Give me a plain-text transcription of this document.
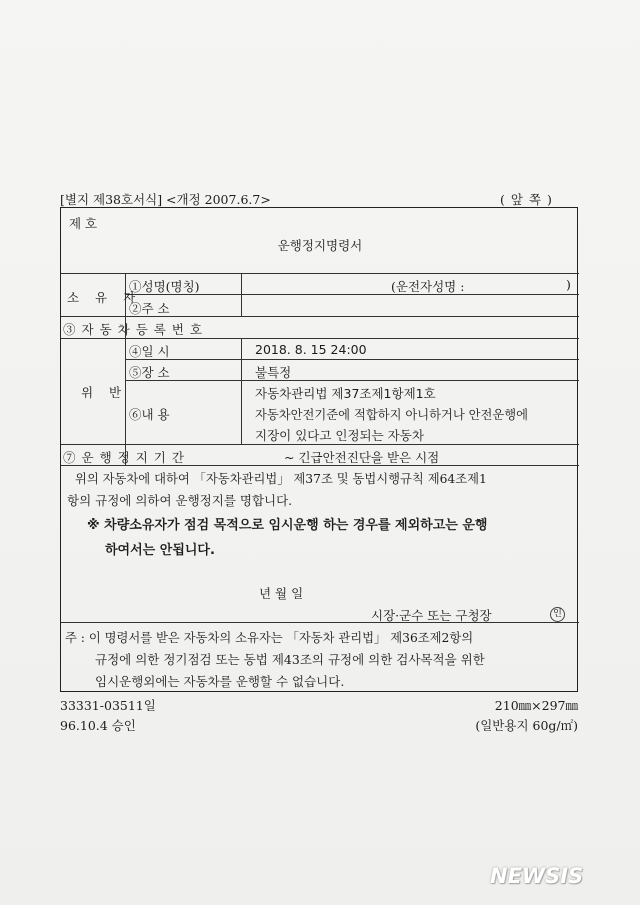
[별지 제38호서식] <개정 2007.6.7>	( 앞 쪽 )
제 호
운행정지명령서
소 유 자
①성명(명칭)	(운전자성명 :	)
②주 소
③자동차등록번호
위 반
④일 시	2018. 8. 15 24:00
⑤장 소	불특정
⑥내 용
자동차관리법 제37조제1항제1호
자동차안전기준에 적합하지 아니하거나 안전운행에
지장이 있다고 인정되는 자동차
⑦운행정지기간	~ 긴급안전진단을 받은 시점
위의 자동차에 대하여 「자동차관리법」 제37조 및 동법시행규칙 제64조제1
항의 규정에 의하여 운행정지를 명합니다.
※ 차량소유자가 점검 목적으로 임시운행 하는 경우를 제외하고는 운행
하여서는 안됩니다.
년 월 일
시장·군수 또는 구청장	인
주 : 이 명령서를 받은 자동차의 소유자는 「자동차 관리법」 제36조제2항의
규정에 의한 정기점검 또는 동법 제43조의 규정에 의한 검사목적을 위한
임시운행외에는 자동차를 운행할 수 없습니다.
33331-03511일
96.10.4 승인
210㎜×297㎜
(일반용지 60g/㎡)
NEWSIS
